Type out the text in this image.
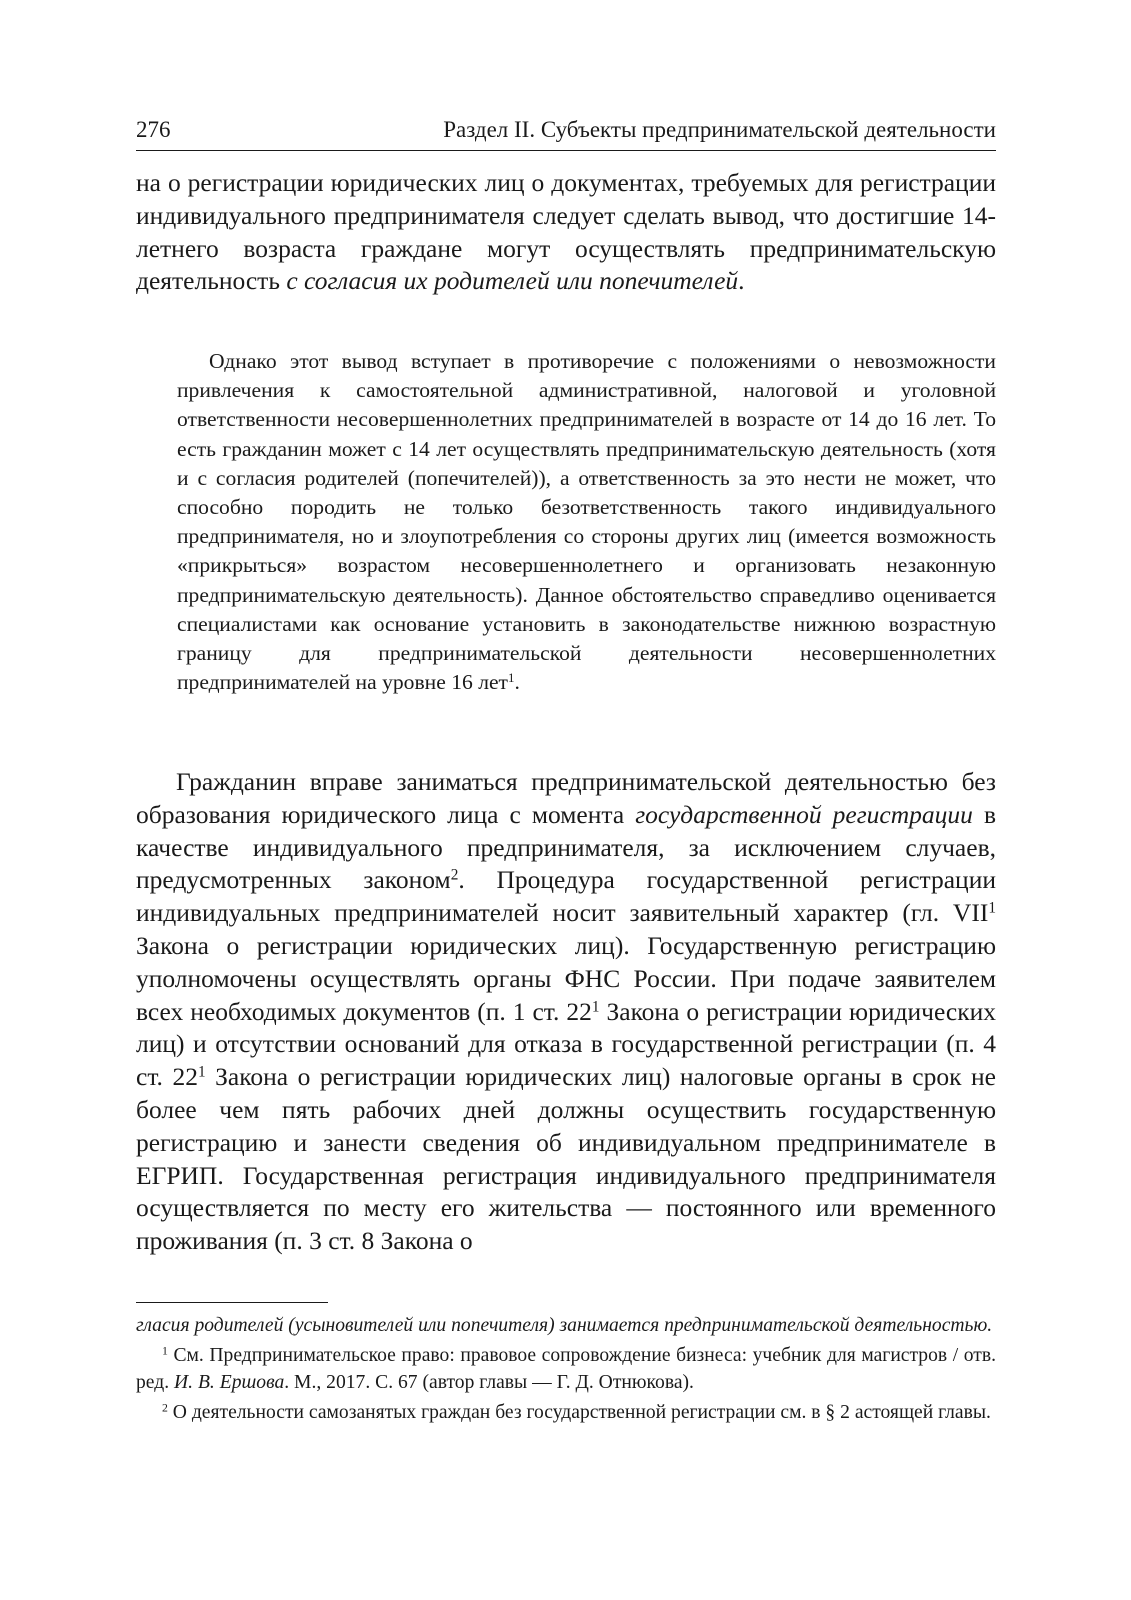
276	Раздел II. Субъекты предпринимательской деятельности

на о регистрации юридических лиц о документах, требуемых для регистрации индивидуального предпринимателя следует сделать вывод, что достигшие 14- летнего возраста граждане могут осуществлять предпринимательскую деятельность с согласия их родителей или попечителей.

Однако этот вывод вступает в противоречие с положениями о невозможности привлечения к самостоятельной административной, налоговой и уголовной ответственности несовершеннолетних предпринимателей в возрасте от 14 до 16 лет. То есть гражданин может с 14 лет осуществлять предпринимательскую деятельность (хотя и с согласия родителей (попечителей)), а ответственность за это нести не может, что способно породить не только безответственность такого индивидуального предпринимателя, но и злоупотребления со стороны других лиц (имеется возможность «прикрыться» возрастом несовершеннолетнего и организовать незаконную предпринимательскую деятельность). Данное обстоятельство справедливо оценивается специалистами как основание установить в законодательстве нижнюю возрастную границу для предпринимательской деятельности несовершеннолетних предпринимателей на уровне 16 лет$^1$.

Гражданин вправе заниматься предпринимательской деятельностью без образования юридического лица с момента государственной регистрации в качестве индивидуального предпринимателя, за исключением случаев, предусмотренных законом$^2$. Процедура государственной регистрации индивидуальных предпринимателей носит заявительный характер (гл. VII$^1$ Закона о регистрации юридических лиц). Государственную регистрацию уполномочены осуществлять органы ФНС России. При подаче заявителем всех необходимых документов (п. 1 ст. $22^1$ Закона о регистрации юридических лиц) и отсутствии оснований для отказа в государственной регистрации (п. 4 ст. $22^1$ Закона о регистрации юридических лиц) налоговые органы в срок не более чем пять рабочих дней должны осуществить государственную регистрацию и занести сведения об индивидуальном предпринимателе в ЕГРИП. Государственная регистрация индивидуального предпринимателя осуществляется по месту его жительства — постоянного или временного проживания (п. 3 ст. 8 Закона о

гласия родителей (усыновителей или попечителя) занимается предпринимательской деятельностью.

$^1$ См. Предпринимательское право: правовое сопровождение бизнеса: учебник для магистров / отв. ред. И. В. Ершова. М., 2017. С. 67 (автор главы — Г. Д. Отнюкова).

$^2$ О деятельности самозанятых граждан без государственной регистрации см. в § 2 астоящей главы.
